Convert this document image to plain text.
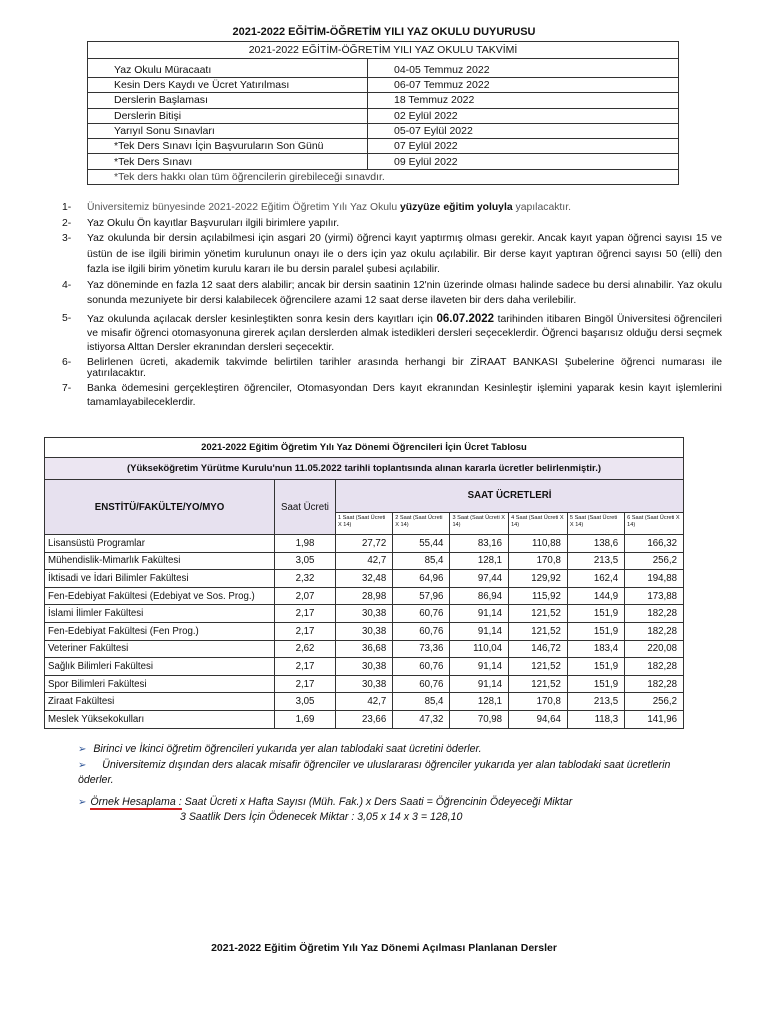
2021-2022 EĞİTİM-ÖĞRETİM YILI YAZ OKULU DUYURUSU
2021-2022 EĞİTİM-ÖĞRETİM YILI YAZ OKULU TAKVİMİ	
Yaz Okulu Müracaatı	04-05 Temmuz 2022
Kesin Ders Kaydı ve Ücret Yatırılması	06-07 Temmuz 2022
Derslerin Başlaması	18 Temmuz 2022
Derslerin Bitişi	02 Eylül 2022
Yarıyıl Sonu Sınavları	05-07 Eylül 2022
*Tek Ders Sınavı İçin Başvuruların Son Günü	07 Eylül 2022
*Tek Ders Sınavı	09 Eylül 2022
*Tek ders hakkı olan tüm öğrencilerin girebileceği sınavdır.	
1- Üniversitemiz bünyesinde 2021-2022 Eğitim Öğretim Yılı Yaz Okulu yüzyüze eğitim yoluyla yapılacaktır.
2- Yaz Okulu Ön kayıtlar Başvuruları ilgili birimlere yapılır.
3- Yaz okulunda bir dersin açılabilmesi için asgari 20 (yirmi) öğrenci kayıt yaptırmış olması gerekir. Ancak kayıt yapan öğrenci sayısı 15 ve üstün de ise ilgili birimin yönetim kurulunun onayı ile o ders için yaz okulu açılabilir. Bir derse kayıt yaptıran öğrenci sayısı 50 (elli) den fazla ise ilgili birim yönetim kurulu kararı ile bu dersin paralel şubesi açılabilir.
4- Yaz döneminde en fazla 12 saat ders alabilir; ancak bir dersin saatinin 12'nin üzerinde olması halinde sadece bu dersi alınabilir. Yaz okulu sonunda mezuniyete bir dersi kalabilecek öğrencilere azami 12 saat derse ilaveten bir ders daha verilebilir.
5- Yaz okulunda açılacak dersler kesinleştikten sonra kesin ders kayıtları için 06.07.2022 tarihinden itibaren Bingöl Üniversitesi öğrencileri ve misafir öğrenci otomasyonuna girerek açılan derslerden almak istedikleri dersleri seçeceklerdir. Öğrenci başarısız olduğu dersi seçmek istiyorsa Alttan Dersler ekranından dersleri seçecektir.
6- Belirlenen ücreti, akademik takvimde belirtilen tarihler arasında herhangi bir ZİRAAT BANKASI Şubelerine öğrenci numarası ile yatırılacaktır.
7- Banka ödemesini gerçekleştiren öğrenciler, Otomasyondan Ders kayıt ekranından Kesinleştir işlemini yaparak kesin kayıt işlemlerini tamamlayabileceklerdir.
2021-2022 Eğitim Öğretim Yılı Yaz Dönemi Öğrencileri İçin Ücret Tablosu							
(Yükseköğretim Yürütme Kurulu'nun 11.05.2022 tarihli toplantısında alınan kararla ücretler belirlenmiştir.)							
ENSTİTÜ/FAKÜLTE/YO/MYO	Saat Ücreti	SAAT ÜCRETLERİ					
		1 Saat (Saat Ücreti X 14)	2 Saat (Saat Ücreti X 14)	3 Saat (Saat Ücreti X 14)	4 Saat (Saat Ücreti X 14)	5 Saat (Saat Ücreti X 14)	6 Saat (Saat Ücreti X 14)
Lisansüstü Programlar	1,98	27,72	55,44	83,16	110,88	138,6	166,32
Mühendislik-Mimarlık Fakültesi	3,05	42,7	85,4	128,1	170,8	213,5	256,2
İktisadi ve İdari Bilimler Fakültesi	2,32	32,48	64,96	97,44	129,92	162,4	194,88
Fen-Edebiyat Fakültesi (Edebiyat ve Sos. Prog.)	2,07	28,98	57,96	86,94	115,92	144,9	173,88
İslami İlimler Fakültesi	2,17	30,38	60,76	91,14	121,52	151,9	182,28
Fen-Edebiyat Fakültesi (Fen Prog.)	2,17	30,38	60,76	91,14	121,52	151,9	182,28
Veteriner Fakültesi	2,62	36,68	73,36	110,04	146,72	183,4	220,08
Sağlık Bilimleri Fakültesi	2,17	30,38	60,76	91,14	121,52	151,9	182,28
Spor Bilimleri Fakültesi	2,17	30,38	60,76	91,14	121,52	151,9	182,28
Ziraat Fakültesi	3,05	42,7	85,4	128,1	170,8	213,5	256,2
Meslek Yüksekokulları	1,69	23,66	47,32	70,98	94,64	118,3	141,96
➢ Birinci ve İkinci öğretim öğrencileri yukarıda yer alan tablodaki saat ücretini öderler.
➢ Üniversitemiz dışından ders alacak misafir öğrenciler ve uluslararası öğrenciler yukarıda yer alan tablodaki saat ücretlerin öderler.
➢ Örnek Hesaplama : Saat Ücreti x Hafta Sayısı (Müh. Fak.) x Ders Saati = Öğrencinin Ödeyeceği Miktar
3 Saatlik Ders İçin Ödenecek Miktar : 3,05 x 14 x 3 = 128,10
2021-2022 Eğitim Öğretim Yılı Yaz Dönemi Açılması Planlanan Dersler
